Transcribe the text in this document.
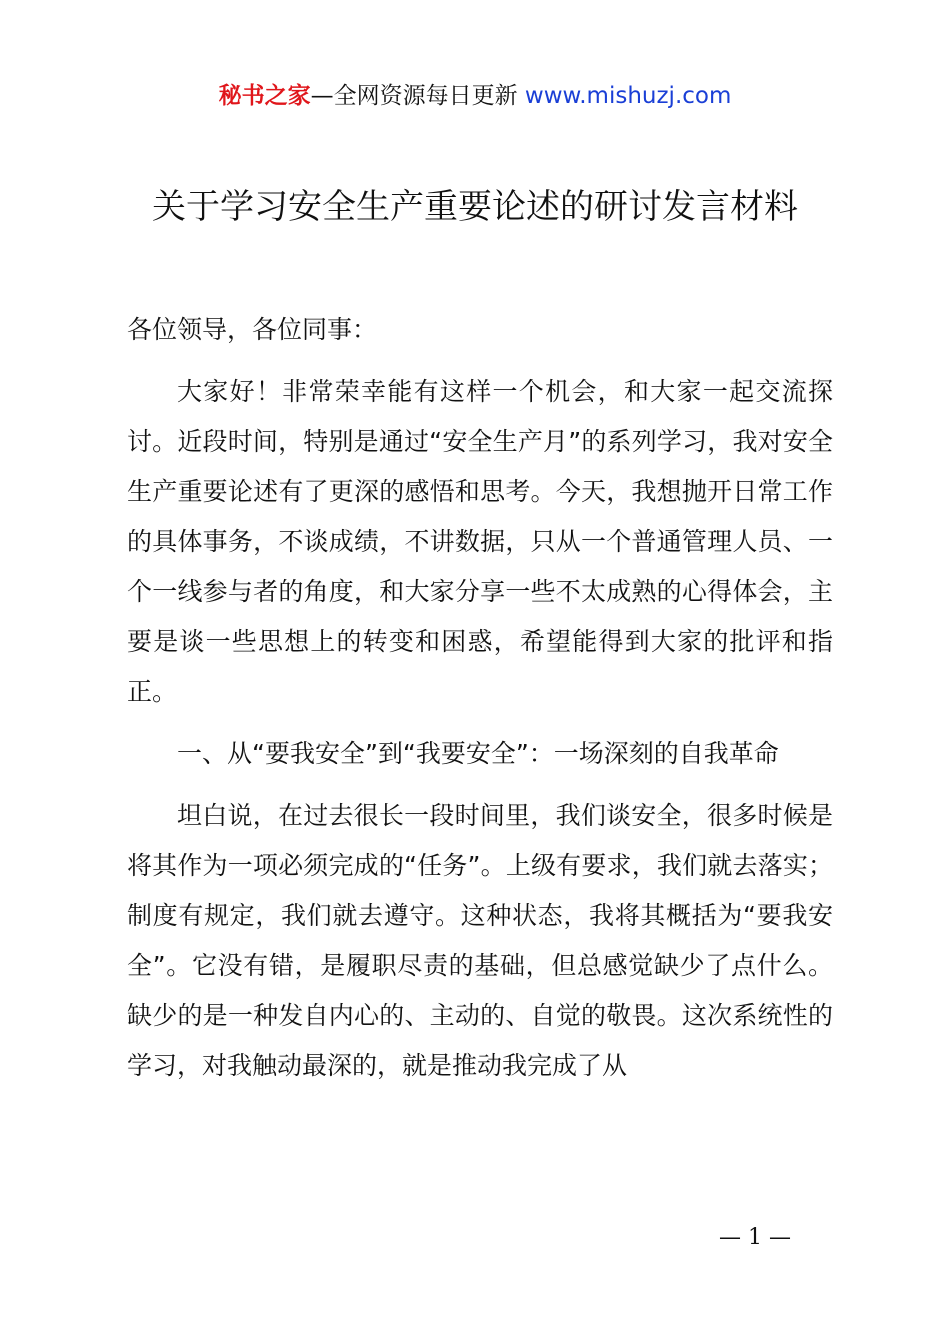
秘书之家—全网资源每日更新 www.mishuzj.com
关于学习安全生产重要论述的研讨发言材料

各位领导，各位同事：

大家好！非常荣幸能有这样一个机会，和大家一起交流探讨。近段时间，特别是通过“安全生产月”的系列学习，我对安全生产重要论述有了更深的感悟和思考。今天，我想抛开日常工作的具体事务，不谈成绩，不讲数据，只从一个普通管理人员、一个一线参与者的角度，和大家分享一些不太成熟的心得体会，主要是谈一些思想上的转变和困惑，希望能得到大家的批评和指正。

一、从“要我安全”到“我要安全”：一场深刻的自我革命

坦白说，在过去很长一段时间里，我们谈安全，很多时候是将其作为一项必须完成的“任务”。上级有要求，我们就去落实；制度有规定，我们就去遵守。这种状态，我将其概括为“要我安全”。它没有错，是履职尽责的基础，但总感觉缺少了点什么。缺少的是一种发自内心的、主动的、自觉的敬畏。这次系统性的学习，对我触动最深的，就是推动我完成了从

— 1 —
